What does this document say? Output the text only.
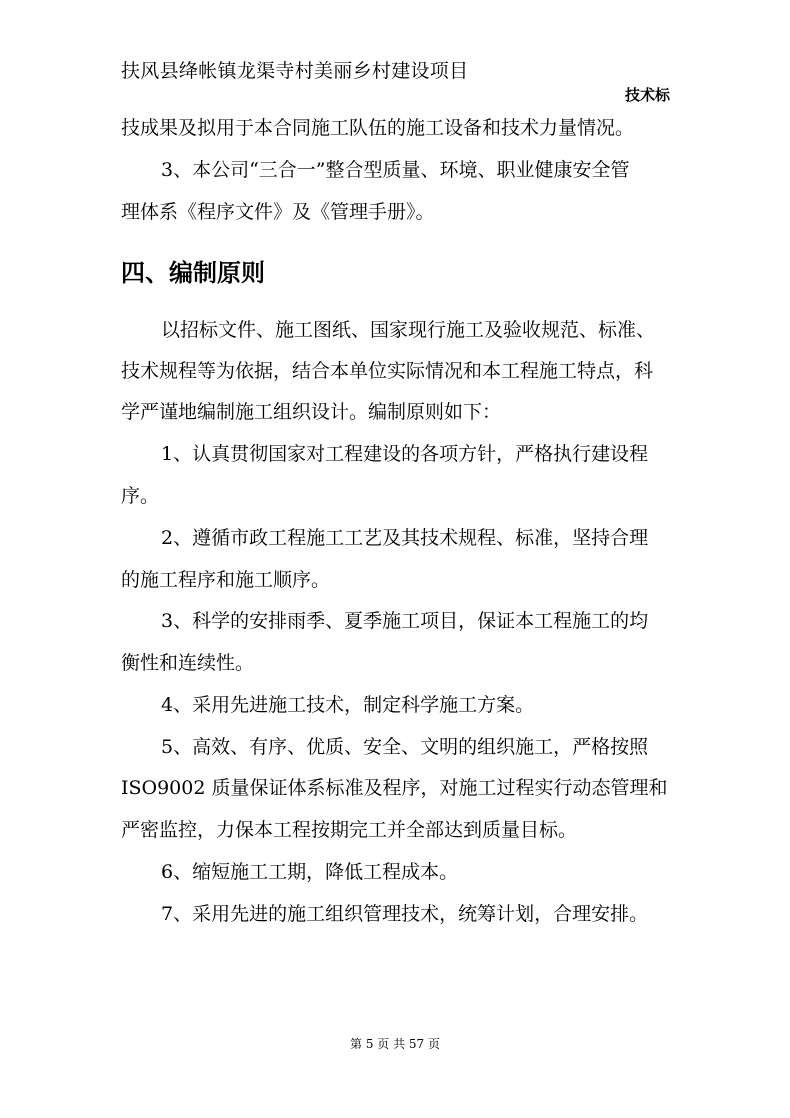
扶风县绛帐镇龙渠寺村美丽乡村建设项目
技术标
技成果及拟用于本合同施工队伍的施工设备和技术力量情况。
3、本公司“三合一”整合型质量、环境、职业健康安全管
理体系《程序文件》及《管理手册》。
四、编制原则
以招标文件、施工图纸、国家现行施工及验收规范、标准、
技术规程等为依据，结合本单位实际情况和本工程施工特点，科
学严谨地编制施工组织设计。编制原则如下：
1、认真贯彻国家对工程建设的各项方针，严格执行建设程
序。
2、遵循市政工程施工工艺及其技术规程、标准，坚持合理
的施工程序和施工顺序。
3、科学的安排雨季、夏季施工项目，保证本工程施工的均
衡性和连续性。
4、采用先进施工技术，制定科学施工方案。
5、高效、有序、优质、安全、文明的组织施工，严格按照
ISO9002 质量保证体系标准及程序，对施工过程实行动态管理和
严密监控，力保本工程按期完工并全部达到质量目标。
6、缩短施工工期，降低工程成本。
7、采用先进的施工组织管理技术，统筹计划，合理安排。
第 5 页 共 57 页
